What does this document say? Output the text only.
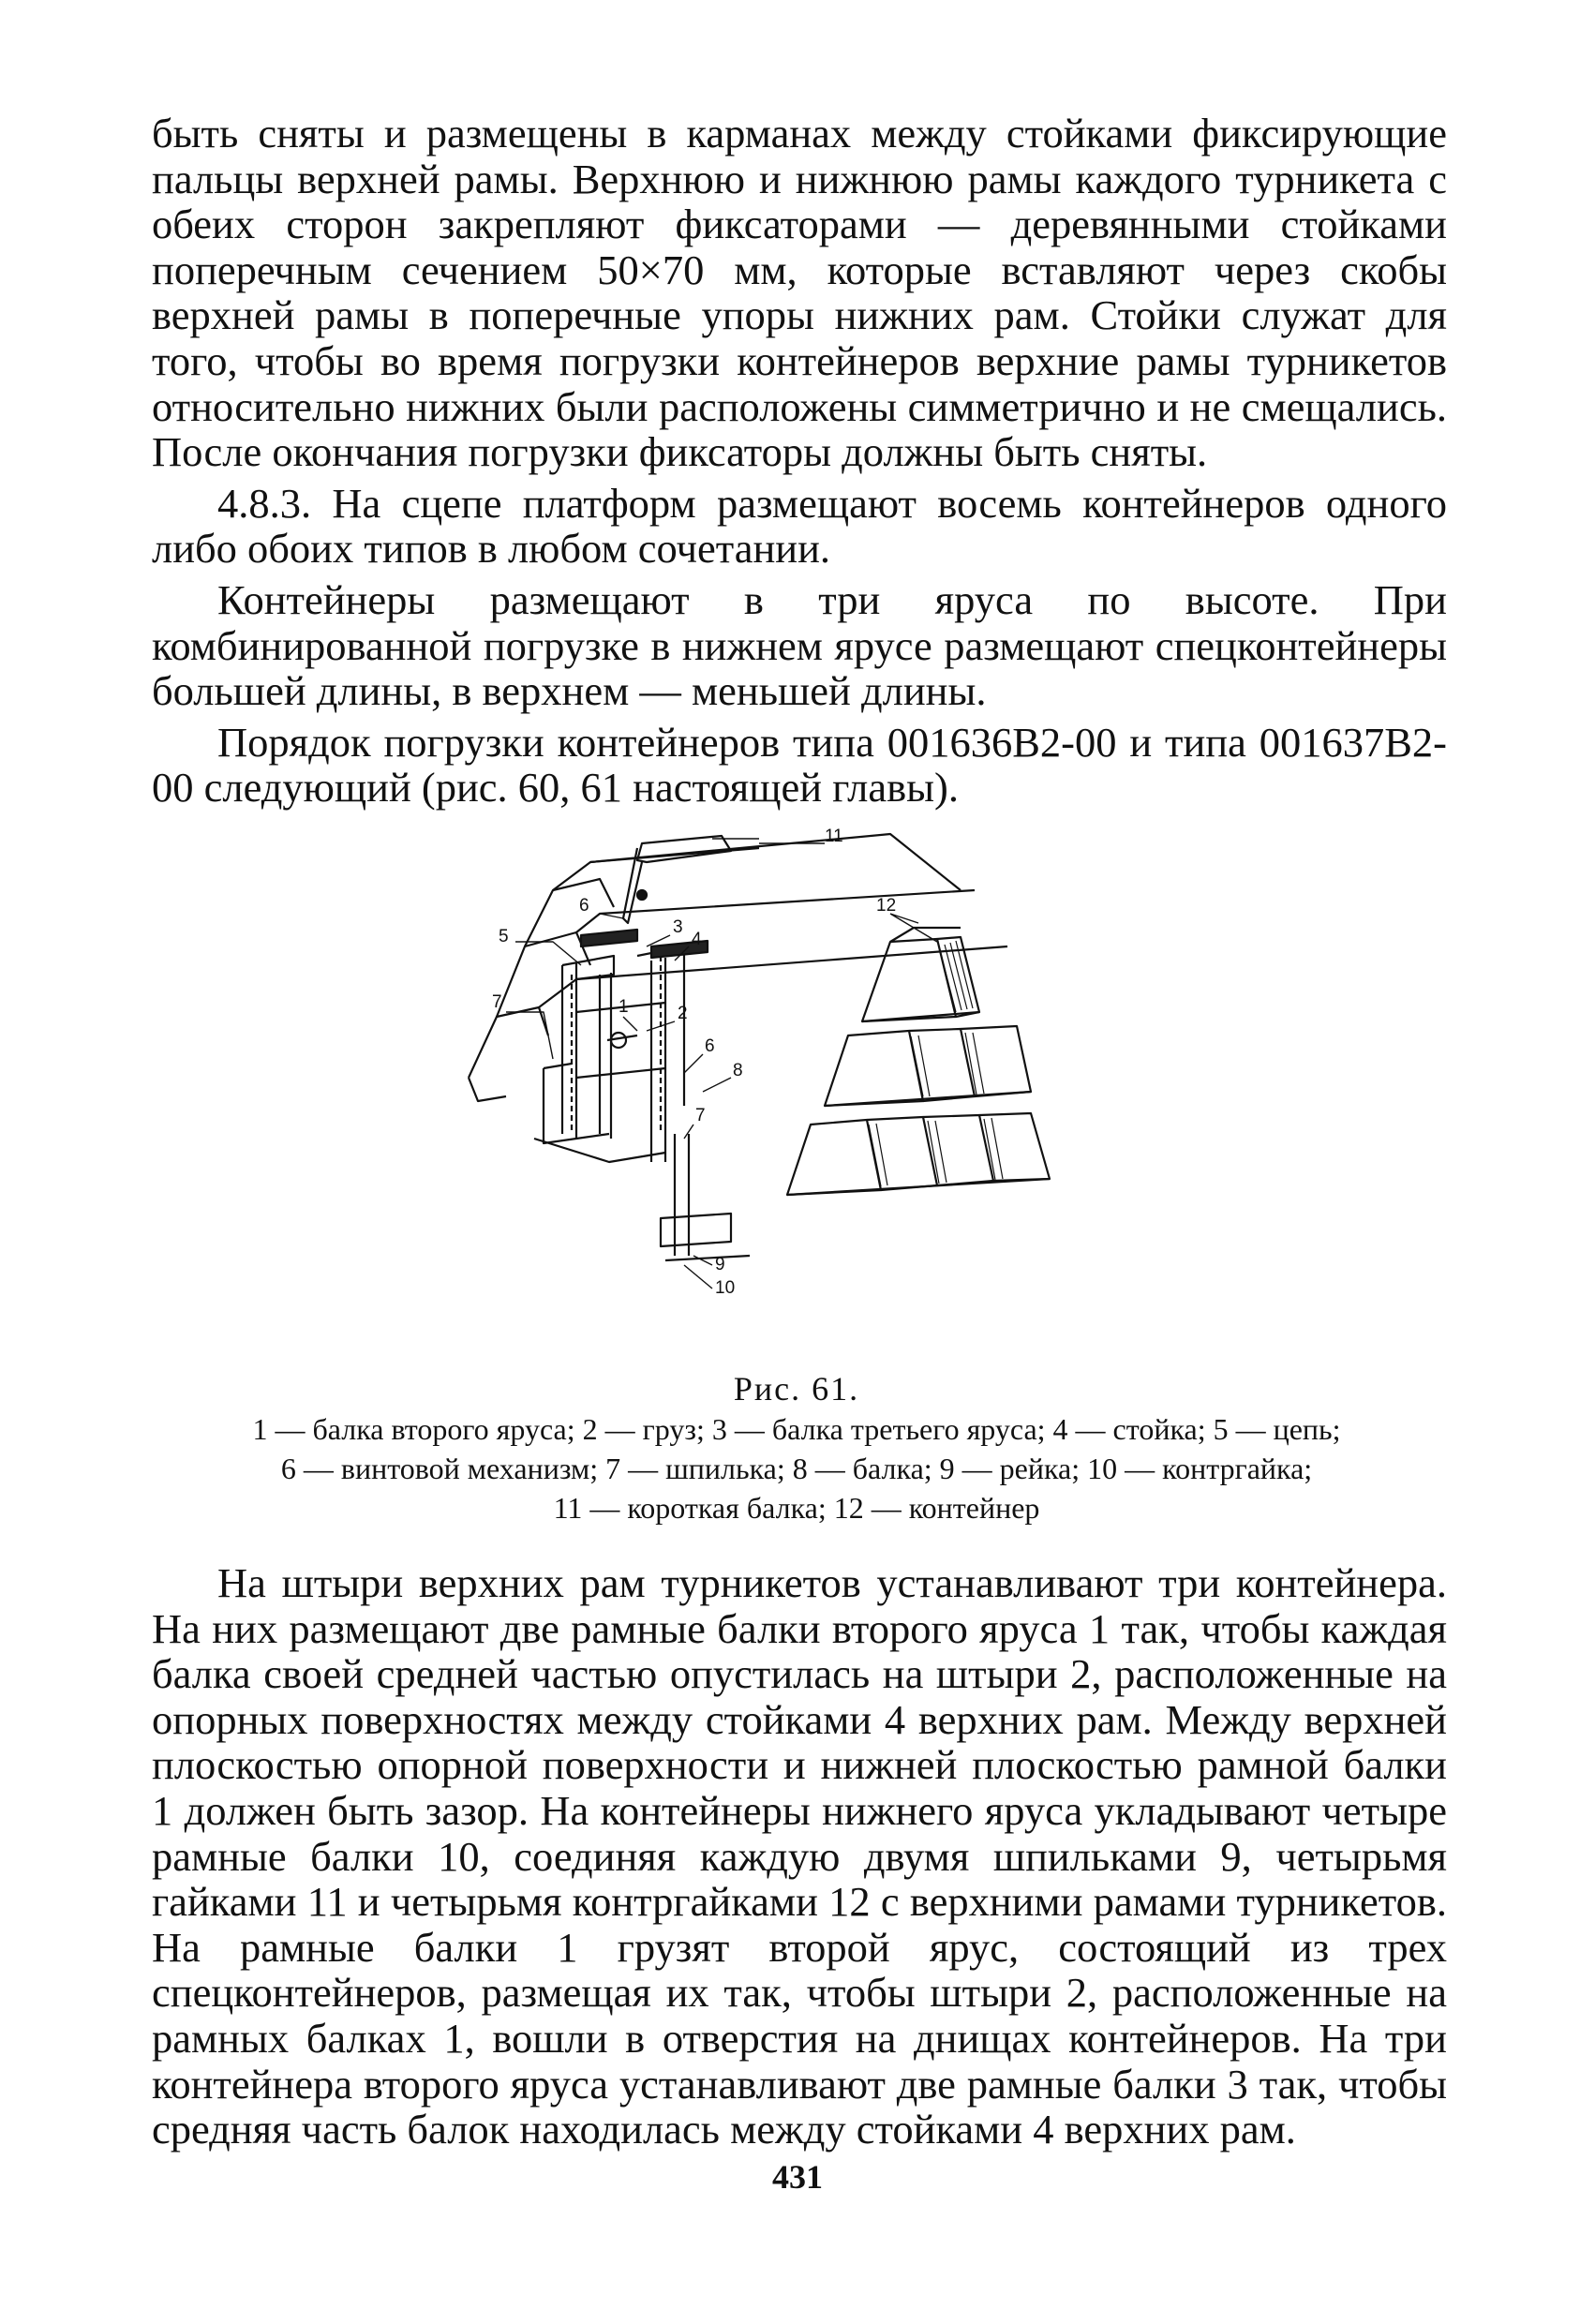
быть сняты и размещены в карманах между стойками фиксирующие пальцы верхней рамы. Верхнюю и нижнюю рамы каждого турникета с обеих сторон закрепляют фиксаторами — деревянными стойками поперечным сечением 50×70 мм, которые вставляют через скобы верхней рамы в поперечные упоры нижних рам. Стойки служат для того, чтобы во время погрузки контейнеров верхние рамы турникетов относительно нижних были расположены симметрично и не смещались. После окончания погрузки фиксаторы должны быть сняты.

4.8.3. На сцепе платформ размещают восемь контейнеров одного либо обоих типов в любом сочетании.

Контейнеры размещают в три яруса по высоте. При комбинированной погрузке в нижнем ярусе размещают спецконтейнеры большей длины, в верхнем — меньшей длины.

Порядок погрузки контейнеров типа 001636В2-00 и типа 001637В2-00 следующий (рис. 60, 61 настоящей главы).

11
6	12
5	3
4
1
7
2
6
8
7
9
10
Рис. 61.
1 — балка второго яруса; 2 — груз; 3 — балка третьего яруса; 4 — стойка; 5 — цепь;
6 — винтовой механизм; 7 — шпилька; 8 — балка; 9 — рейка; 10 — контргайка;
11 — короткая балка; 12 — контейнер

На штыри верхних рам турникетов устанавливают три контейнера. На них размещают две рамные балки второго яруса 1 так, чтобы каждая балка своей средней частью опустилась на штыри 2, расположенные на опорных поверхностях между стойками 4 верхних рам. Между верхней плоскостью опорной поверхности и нижней плоскостью рамной балки 1 должен быть зазор. На контейнеры нижнего яруса укладывают четыре рамные балки 10, соединяя каждую двумя шпильками 9, четырьмя гайками 11 и четырьмя контргайками 12 с верхними рамами турникетов. На рамные балки 1 грузят второй ярус, состоящий из трех спецконтейнеров, размещая их так, чтобы штыри 2, расположенные на рамных балках 1, вошли в отверстия на днищах контейнеров. На три контейнера второго яруса устанавливают две рамные балки 3 так, чтобы средняя часть балок находилась между стойками 4 верхних рам.

431
